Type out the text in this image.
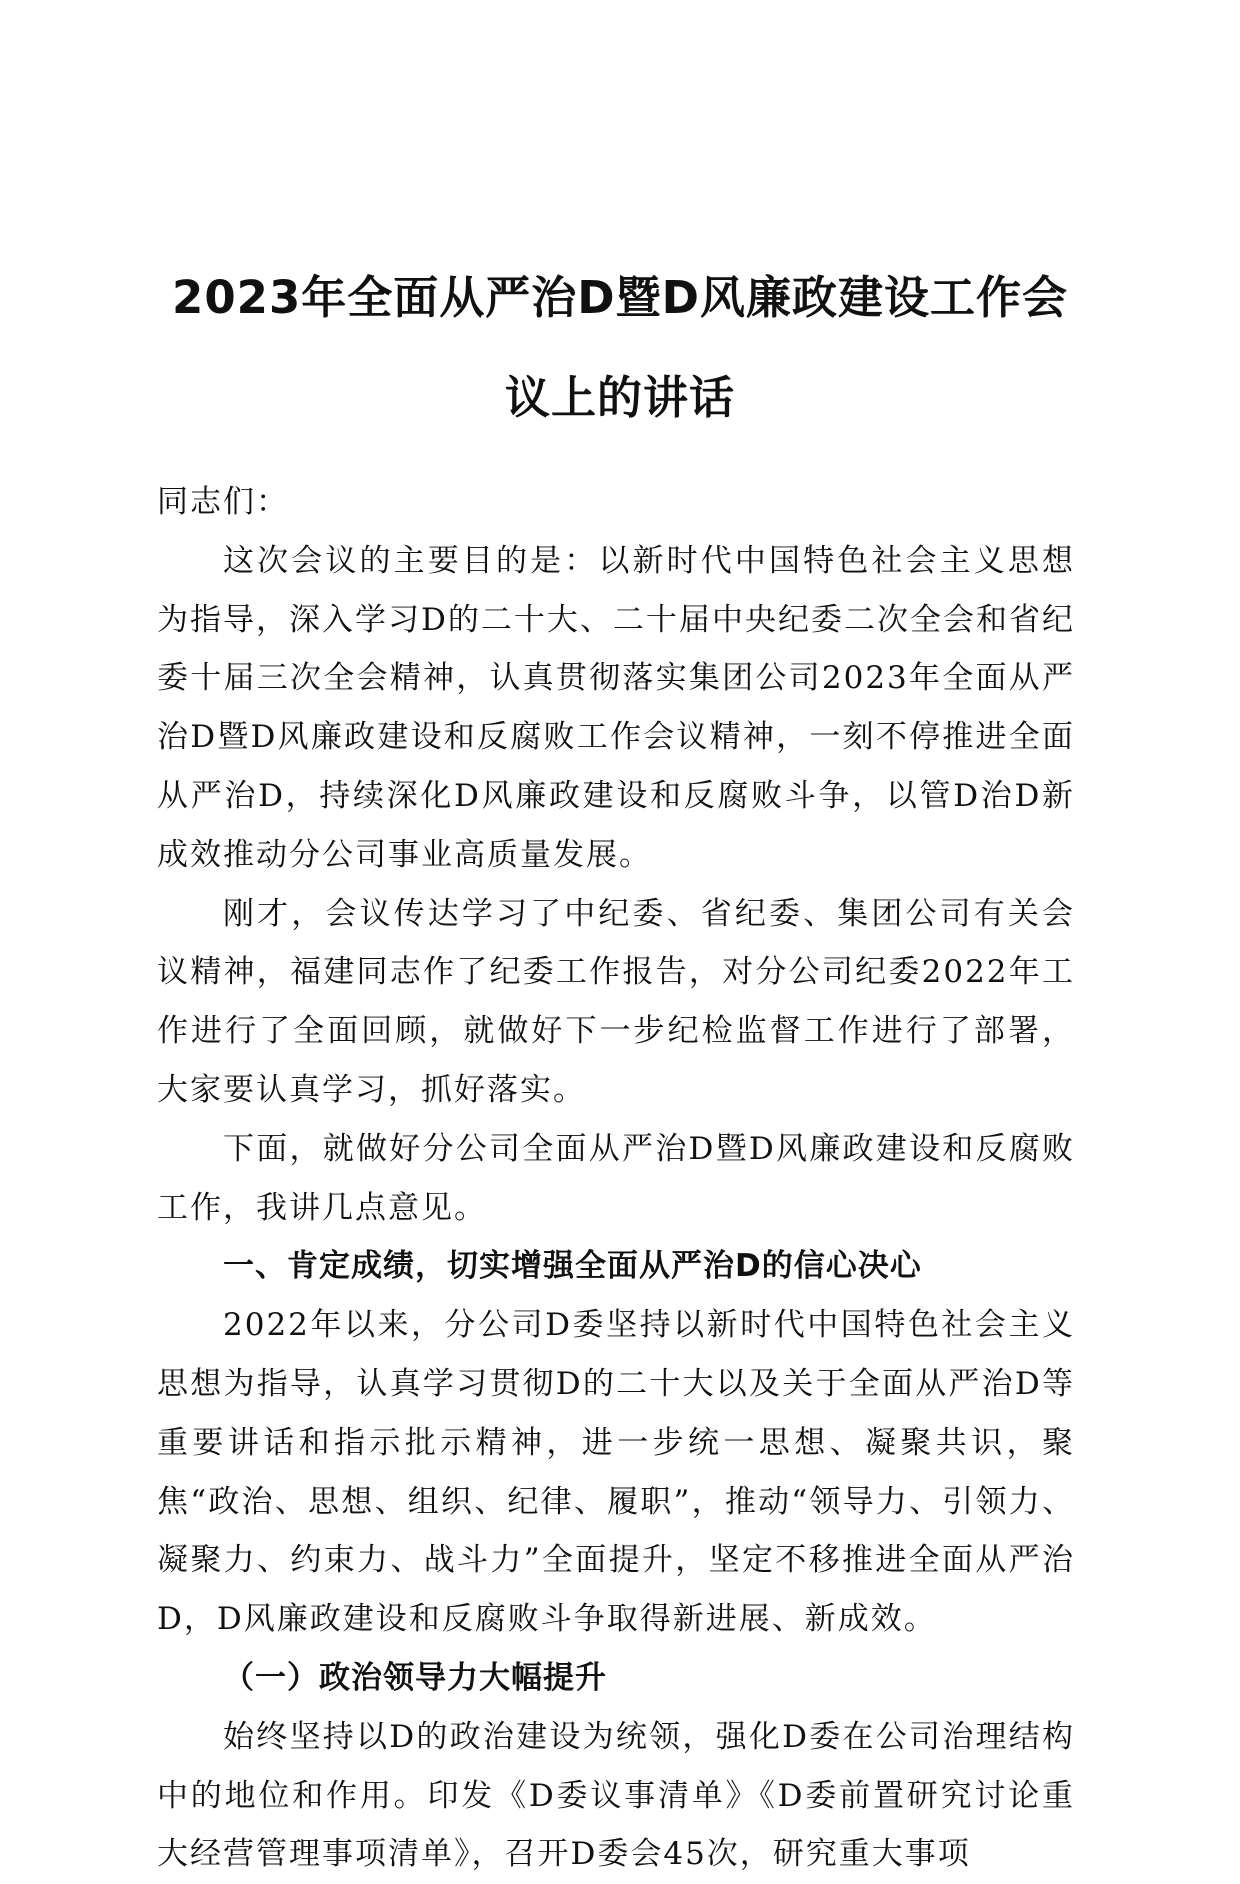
2023年全面从严治D暨D风廉政建设工作会
议上的讲话

同志们：

这次会议的主要目的是：以新时代中国特色社会主义思想为指导，深入学习D的二十大、二十届中央纪委二次全会和省纪委十届三次全会精神，认真贯彻落实集团公司2023年全面从严治D暨D风廉政建设和反腐败工作会议精神，一刻不停推进全面从严治D，持续深化D风廉政建设和反腐败斗争，以管D治D新成效推动分公司事业高质量发展。

刚才，会议传达学习了中纪委、省纪委、集团公司有关会议精神，福建同志作了纪委工作报告，对分公司纪委2022年工作进行了全面回顾，就做好下一步纪检监督工作进行了部署，大家要认真学习，抓好落实。

下面，就做好分公司全面从严治D暨D风廉政建设和反腐败工作，我讲几点意见。

一、肯定成绩，切实增强全面从严治D的信心决心

2022年以来，分公司D委坚持以新时代中国特色社会主义思想为指导，认真学习贯彻D的二十大以及关于全面从严治D等重要讲话和指示批示精神，进一步统一思想、凝聚共识，聚焦“政治、思想、组织、纪律、履职”，推动“领导力、引领力、凝聚力、约束力、战斗力”全面提升，坚定不移推进全面从严治D，D风廉政建设和反腐败斗争取得新进展、新成效。

（一）政治领导力大幅提升

始终坚持以D的政治建设为统领，强化D委在公司治理结构中的地位和作用。印发《D委议事清单》《D委前置研究讨论重大经营管理事项清单》，召开D委会45次，研究重大事项
